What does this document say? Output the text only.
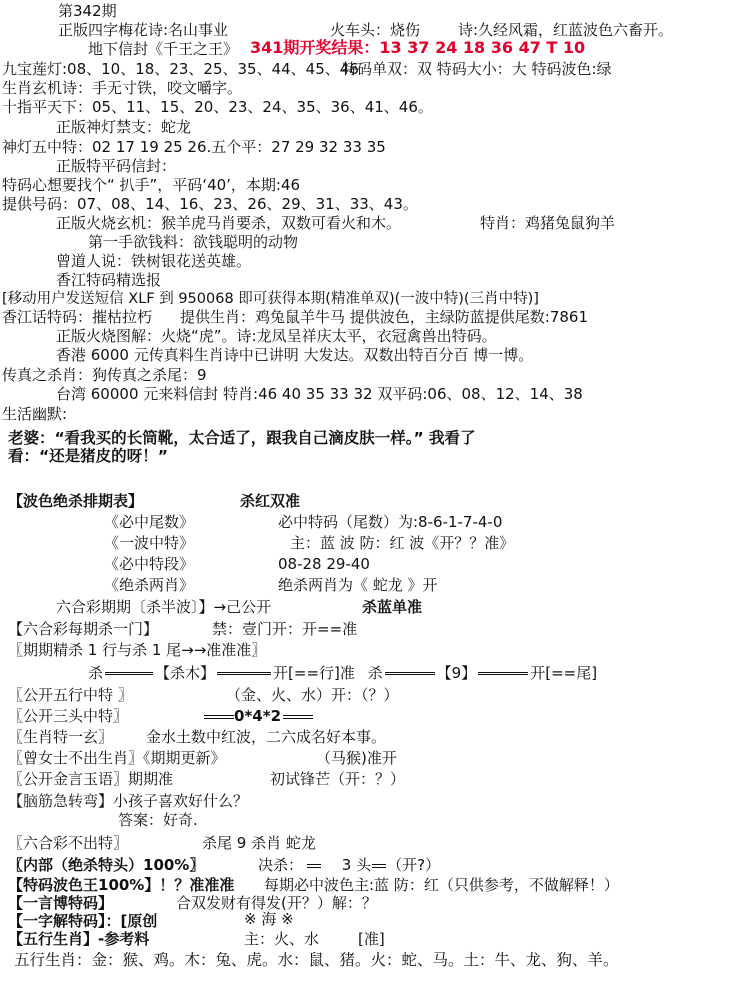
第342期
正版四字梅花诗:名山事业	火车头：烧伤	诗:久经风霜，红蓝波色六畜开。
地下信封《千王之王》 341期开奖结果：13 37 24 18 36 47 T 10
九宝莲灯:08、10、18、23、25、35、44、45、46
特码单双：双 特码大小：大 特码波色:绿
生肖玄机诗：手无寸铁，咬文嚼字。
十指平天下：05、11、15、20、23、24、35、36、41、46。
正版神灯禁支：蛇龙
神灯五中特：02 17 19 25 26.五个平：27 29 32 33 35
正版特平码信封：
特码心想要找个“ 扒手”，平码‘40’，本期:46
提供号码：07、08、14、16、23、26、29、31、33、43。
正版火烧玄机：猴羊虎马肖要杀，双数可看火和木。	特肖：鸡猪兔鼠狗羊
第一手欲钱料：欲钱聪明的动物
曾道人说：铁树银花送英雄。
香江特码精选报
[移动用户发送短信 XLF 到 950068 即可获得本期(精准单双)(一波中特)(三肖中特)]
香江话特码：摧枯拉朽 提供生肖：鸡兔鼠羊牛马 提供波色，主绿防蓝提供尾数:7861
正版火烧图解：火烧“虎”。诗:龙凤呈祥庆太平，衣冠禽兽出特码。
香港 6000 元传真料生肖诗中已讲明 大发达。双数出特百分百 博一博。
传真之杀肖：狗传真之杀尾：9
台湾 60000 元来料信封 特肖:46 40 35 33 32 双平码:06、08、12、14、38
生活幽默:
老婆：“看我买的长筒靴，太合适了，跟我自己滴皮肤一样。” 我看了
看：“还是猪皮的呀！”
【波色绝杀排期表】	杀红双准
《必中尾数》	必中特码（尾数）为:8-6-1-7-4-0
《一波中特》	主：蓝 波 防：红 波《开？？准》
《必中特段》	08-28 29-40
《绝杀两肖》	绝杀两肖为《 蛇龙 》开
六合彩期期〔杀半波〕】→己公开	杀蓝单准
【六合彩每期杀一门】	禁：壹门开：开==准
〖期期精杀 1 行与杀 1 尾→→准准准〗
杀	【杀木】	开[==行]准 杀	【9】	开[==尾]
〖公开五行中特 〗	（金、火、水）开：（？）
〖公开三头中特〗	0*4*2
〖生肖特一玄〗 金水土数中红波，二六成名好本事。
〖曾女士不出生肖〗《期期更新》	（马猴)准开
〖公开金言玉语〗期期准	初试锋芒（开：？）
【脑筋急转弯】小孩子喜欢好什么？
答案：好奇.
〖六合彩不出特〗	杀尾 9 杀肖 蛇龙
〖内部（绝杀特头）100%〗	决杀：	3 头 （开?）
【特码波色王100%】！？准准准 每期必中波色主:蓝 防：红（只供参考，不做解释！）
【一言博特码】	合双发财有得发(开？）解：？
【一字解特码】：[原创	※ 海 ※
【五行生肖】-参考料	主：火、水	[准]
五行生肖：金：猴、鸡。木：兔、虎。水：鼠、猪。火：蛇、马。土：牛、龙、狗、羊。
